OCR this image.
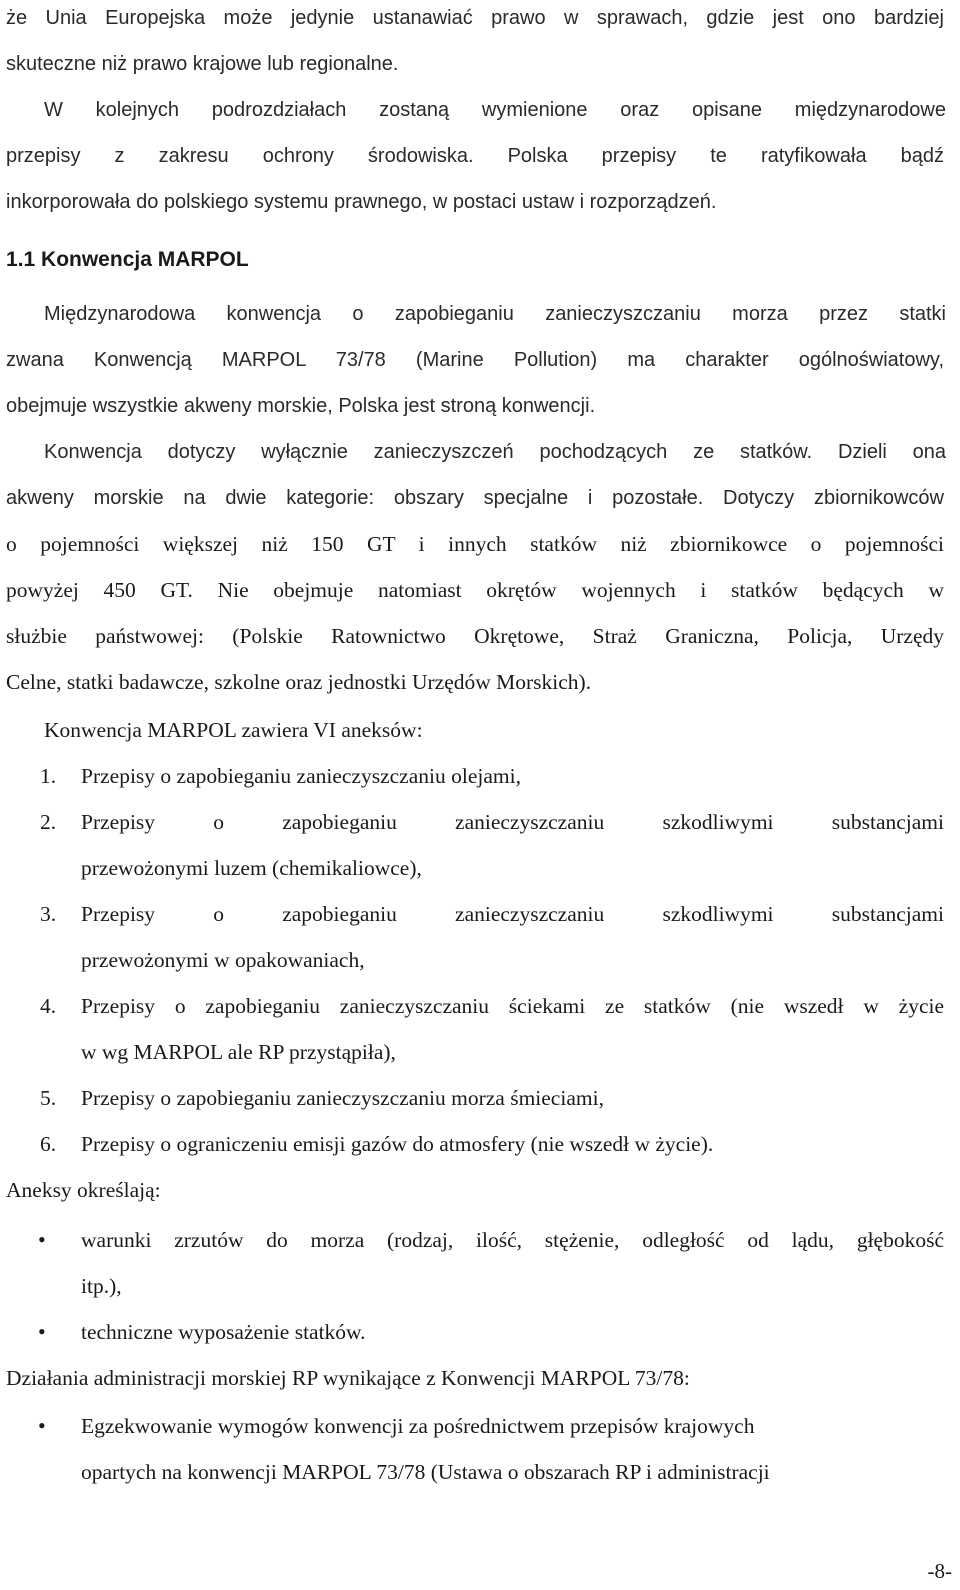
że Unia Europejska może jedynie ustanawiać prawo w sprawach, gdzie jest ono bardziej
skuteczne niż prawo krajowe lub regionalne.
W kolejnych podrozdziałach zostaną wymienione oraz opisane międzynarodowe
przepisy z zakresu ochrony środowiska. Polska przepisy te ratyfikowała bądź
inkorporowała do polskiego systemu prawnego, w postaci ustaw i rozporządzeń.
1.1 Konwencja MARPOL
Międzynarodowa konwencja o zapobieganiu zanieczyszczaniu morza przez statki
zwana Konwencją MARPOL 73/78 (Marine Pollution) ma charakter ogólnoświatowy,
obejmuje wszystkie akweny morskie, Polska jest stroną konwencji.
Konwencja dotyczy wyłącznie zanieczyszczeń pochodzących ze statków. Dzieli ona
akweny morskie na dwie kategorie: obszary specjalne i pozostałe. Dotyczy zbiornikowców
o pojemności większej niż 150 GT i innych statków niż zbiornikowce o pojemności
powyżej 450 GT. Nie obejmuje natomiast okrętów wojennych i statków będących w
służbie państwowej: (Polskie Ratownictwo Okrętowe, Straż Graniczna, Policja, Urzędy
Celne, statki badawcze, szkolne oraz jednostki Urzędów Morskich).
Konwencja MARPOL zawiera VI aneksów:
1. Przepisy o zapobieganiu zanieczyszczaniu olejami,
2. Przepisy o zapobieganiu zanieczyszczaniu szkodliwymi substancjami
przewożonymi luzem (chemikaliowce),
3. Przepisy o zapobieganiu zanieczyszczaniu szkodliwymi substancjami
przewożonymi w opakowaniach,
4. Przepisy o zapobieganiu zanieczyszczaniu ściekami ze statków (nie wszedł w życie
w wg MARPOL ale RP przystąpiła),
5. Przepisy o zapobieganiu zanieczyszczaniu morza śmieciami,
6. Przepisy o ograniczeniu emisji gazów do atmosfery (nie wszedł w życie).
Aneksy określają:
• warunki zrzutów do morza (rodzaj, ilość, stężenie, odległość od lądu, głębokość
itp.),
• techniczne wyposażenie statków.
Działania administracji morskiej RP wynikające z Konwencji MARPOL 73/78:
• Egzekwowanie wymogów konwencji za pośrednictwem przepisów krajowych
opartych na konwencji MARPOL 73/78 (Ustawa o obszarach RP i administracji
-8-
